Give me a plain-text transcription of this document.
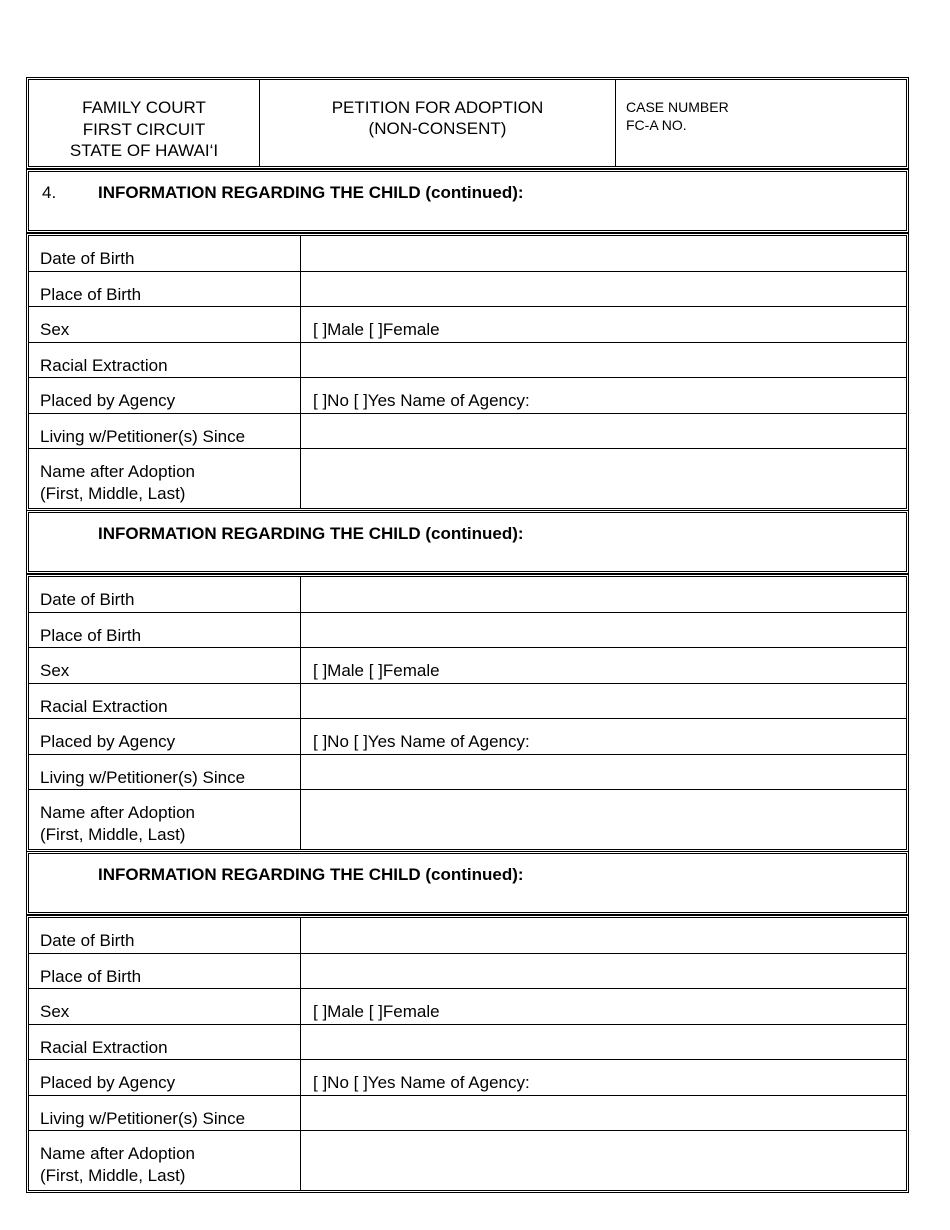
FAMILY COURT
FIRST CIRCUIT
STATE OF HAWAI‘I
PETITION FOR ADOPTION
(NON-CONSENT)
CASE NUMBER
FC-A NO.
4. INFORMATION REGARDING THE CHILD (continued):
Date of Birth
Place of Birth
Sex	[ ]Male [ ]Female
Racial Extraction
Placed by Agency	[ ]No [ ]Yes Name of Agency:
Living w/Petitioner(s) Since
Name after Adoption
(First, Middle, Last)
INFORMATION REGARDING THE CHILD (continued):
Date of Birth
Place of Birth
Sex	[ ]Male [ ]Female
Racial Extraction
Placed by Agency	[ ]No [ ]Yes Name of Agency:
Living w/Petitioner(s) Since
Name after Adoption
(First, Middle, Last)
INFORMATION REGARDING THE CHILD (continued):
Date of Birth
Place of Birth
Sex	[ ]Male [ ]Female
Racial Extraction
Placed by Agency	[ ]No [ ]Yes Name of Agency:
Living w/Petitioner(s) Since
Name after Adoption
(First, Middle, Last)
